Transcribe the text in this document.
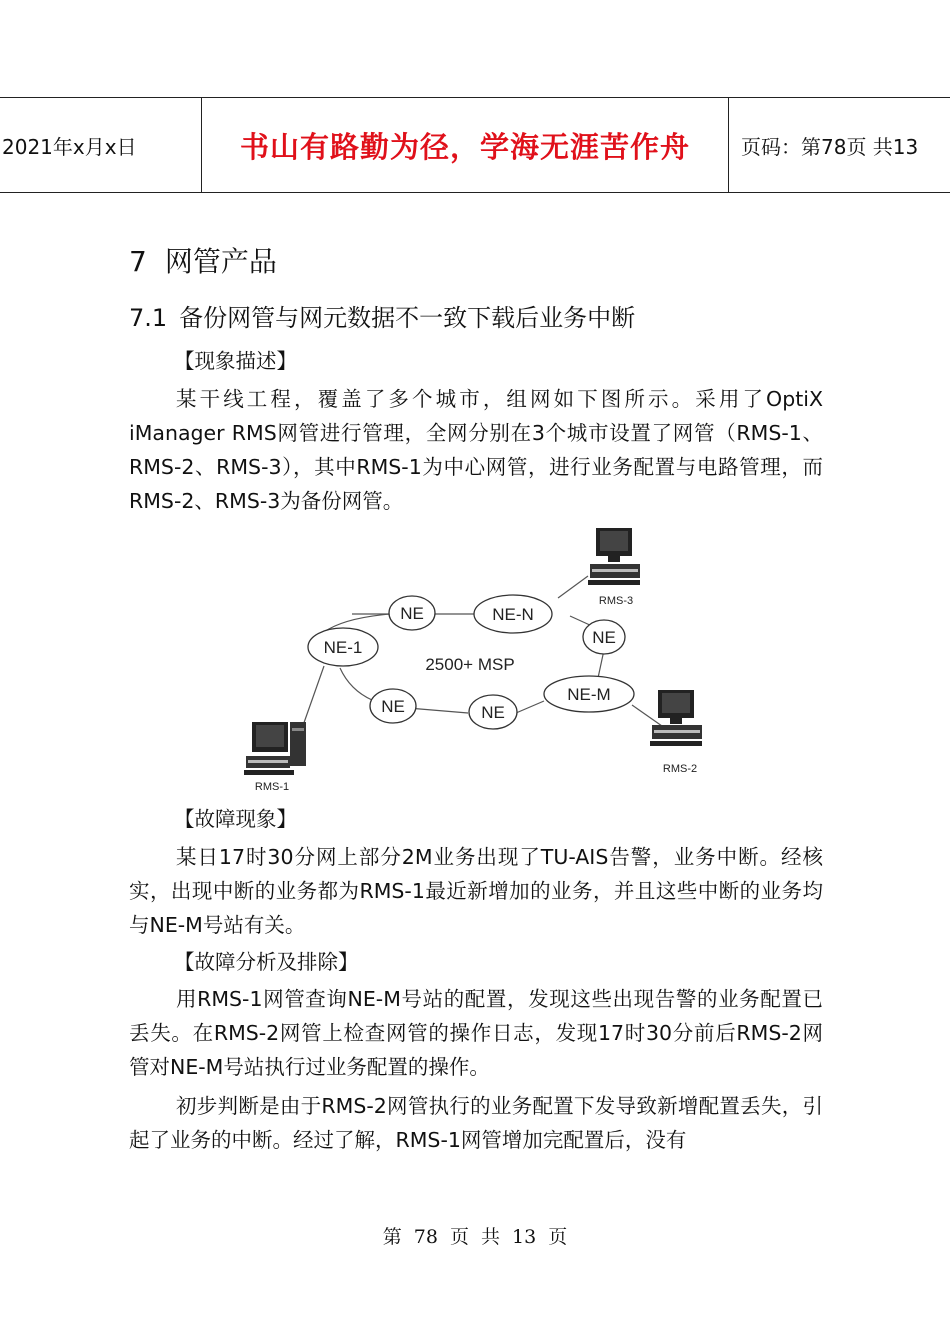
2021年x月x日	书山有路勤为径，学海无涯苦作舟	页码：第78页 共13
7 网管产品
7.1 备份网管与网元数据不一致下载后业务中断
【现象描述】

某干线工程，覆盖了多个城市，组网如下图所示。采用了OptiX iManager RMS网管进行管理，全网分别在3个城市设置了网管（RMS-1、RMS-2、RMS-3），其中RMS-1为中心网管，进行业务配置与电路管理，而RMS-2、RMS-3为备份网管。

NE-1
NE	NE-N
NE
NE-M
NE	NE
2500+ MSP
RMS-3
RMS-2
RMS-1
【故障现象】

某日17时30分网上部分2M业务出现了TU-AIS告警，业务中断。经核实，出现中断的业务都为RMS-1最近新增加的业务，并且这些中断的业务均与NE-M号站有关。

【故障分析及排除】

用RMS-1网管查询NE-M号站的配置，发现这些出现告警的业务配置已丢失。在RMS-2网管上检查网管的操作日志，发现17时30分前后RMS-2网管对NE-M号站执行过业务配置的操作。

初步判断是由于RMS-2网管执行的业务配置下发导致新增配置丢失，引起了业务的中断。经过了解，RMS-1网管增加完配置后，没有

第 78 页 共 13 页
